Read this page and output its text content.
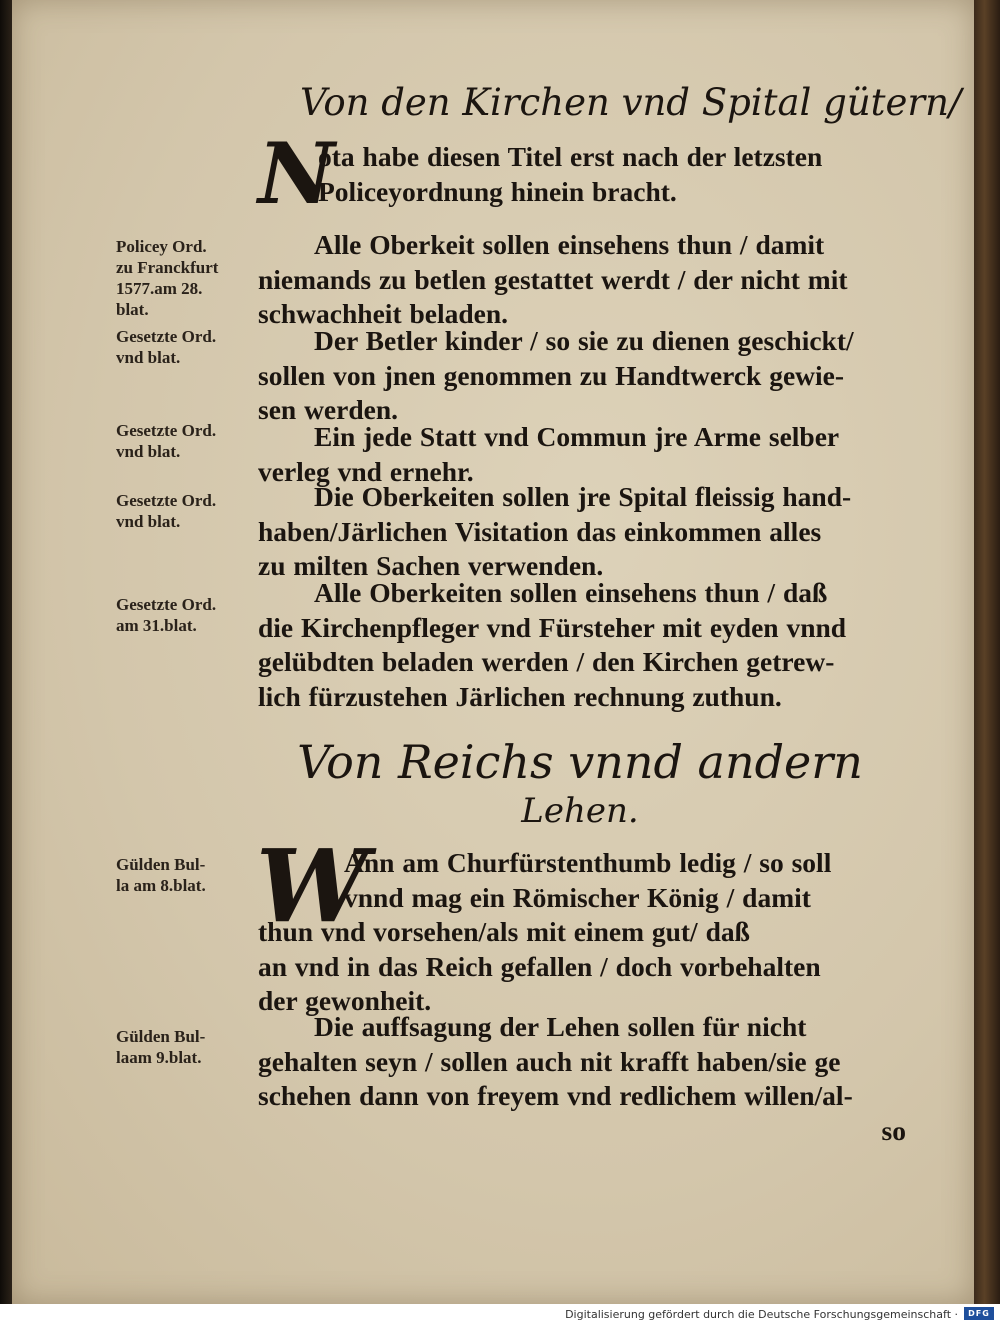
Von den Kirchen vnd Spital gütern/
N
ota habe diesen Titel erst nach der letzsten
Policeyordnung hinein bracht.
Policey Ord.
zu Franckfurt
1577.am 28.
blat.
Alle Oberkeit sollen einsehens thun / damit
niemands zu betlen gestattet werdt / der nicht mit
schwachheit beladen.
Gesetzte Ord.
vnd blat.
Der Betler kinder / so sie zu dienen geschickt/
sollen von jnen genommen zu Handtwerck gewie-
sen werden.
Gesetzte Ord.
vnd blat.	Ein jede Statt vnd Commun jre Arme selber
verleg vnd ernehr.
Gesetzte Ord.
vnd blat.
Die Oberkeiten sollen jre Spital fleissig hand-
haben/Järlichen Visitation das einkommen alles
zu milten Sachen verwenden.
Gesetzte Ord.
am 31.blat.
Alle Oberkeiten sollen einsehens thun / daß
die Kirchenpfleger vnd Fürsteher mit eyden vnnd
gelübdten beladen werden / den Kirchen getrew-
lich fürzustehen Järlichen rechnung zuthun.
Von Reichs vnnd andern
Lehen.
Gülden Bul-
la am 8.blat. W
Ann am Churfürstenthumb ledig / so soll
vnnd mag ein Römischer König / damit
thun vnd vorsehen/als mit einem gut/ daß
an vnd in das Reich gefallen / doch vorbehalten
der gewonheit.
Gülden Bul-
laam 9.blat.
Die auffsagung der Lehen sollen für nicht
gehalten seyn / sollen auch nit krafft haben/sie ge
schehen dann von freyem vnd redlichem willen/al-
so
Digitalisierung gefördert durch die Deutsche Forschungsgemeinschaft ·	DFG
